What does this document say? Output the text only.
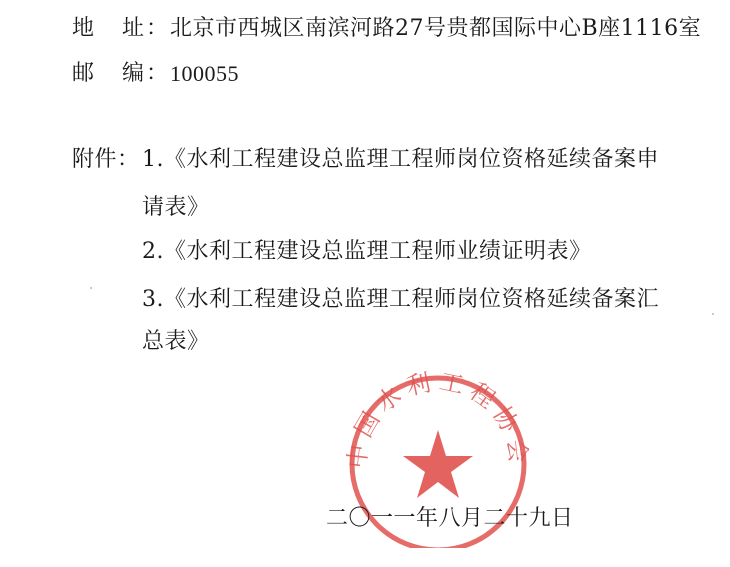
地 址 ： 北京市西城区南滨河路27号贵都国际中心B座1116室
邮 编 ： 100055
附件： 1.《水利工程建设总监理工程师岗位资格延续备案申
请表》
2.《水利工程建设总监理工程师业绩证明表》
3.《水利工程建设总监理工程师岗位资格延续备案汇
总表》
中国水利工程协会
二〇一一年八月二十九日
